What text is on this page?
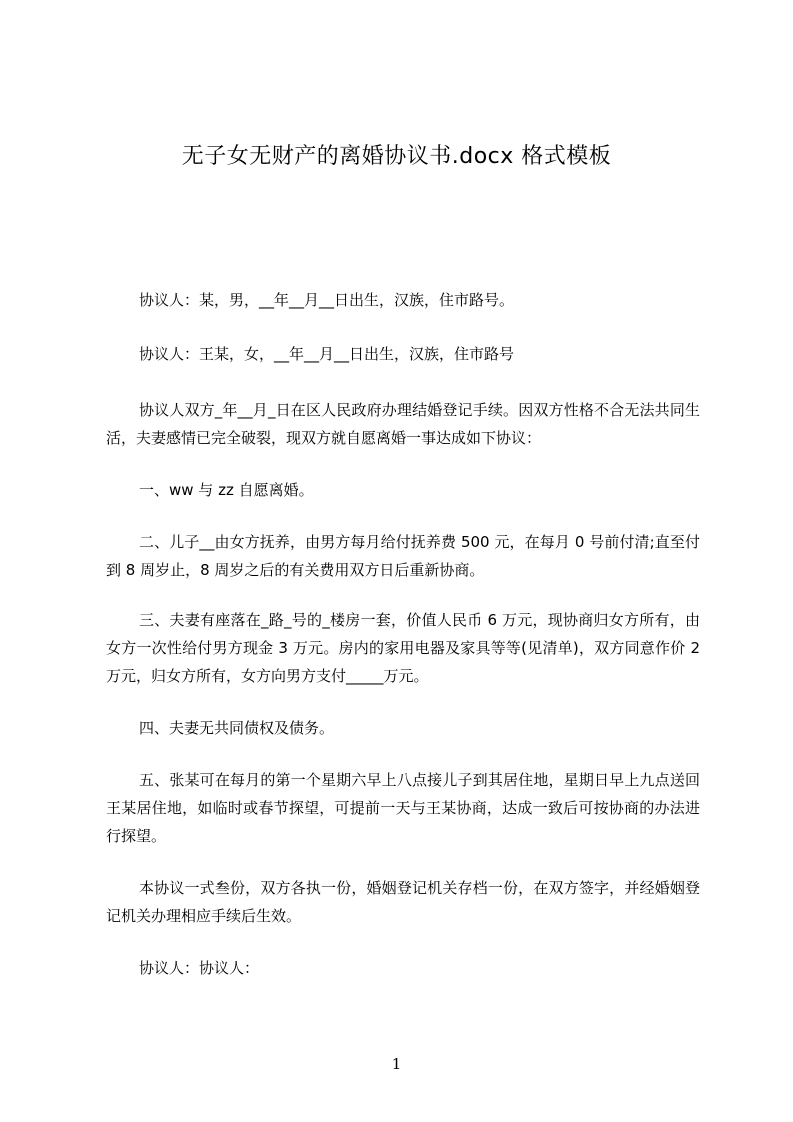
无子女无财产的离婚协议书.docx 格式模板
协议人：某，男，__年__月__日出生，汉族，住市路号。
协议人：王某，女，__年__月__日出生，汉族，住市路号
协议人双方_年__月_日在区人民政府办理结婚登记手续。因双方性格不合无法共同生活，夫妻感情已完全破裂，现双方就自愿离婚一事达成如下协议：
一、ww 与 zz 自愿离婚。
二、儿子__由女方抚养，由男方每月给付抚养费 500 元，在每月 0 号前付清;直至付到 8 周岁止，8 周岁之后的有关费用双方日后重新协商。
三、夫妻有座落在_路_号的_楼房一套，价值人民币 6 万元，现协商归女方所有，由女方一次性给付男方现金 3 万元。房内的家用电器及家具等等(见清单)，双方同意作价 2 万元，归女方所有，女方向男方支付_____万元。
四、夫妻无共同债权及债务。
五、张某可在每月的第一个星期六早上八点接儿子到其居住地，星期日早上九点送回王某居住地，如临时或春节探望，可提前一天与王某协商，达成一致后可按协商的办法进行探望。
本协议一式叁份，双方各执一份，婚姻登记机关存档一份，在双方签字，并经婚姻登记机关办理相应手续后生效。
协议人：协议人：
1
